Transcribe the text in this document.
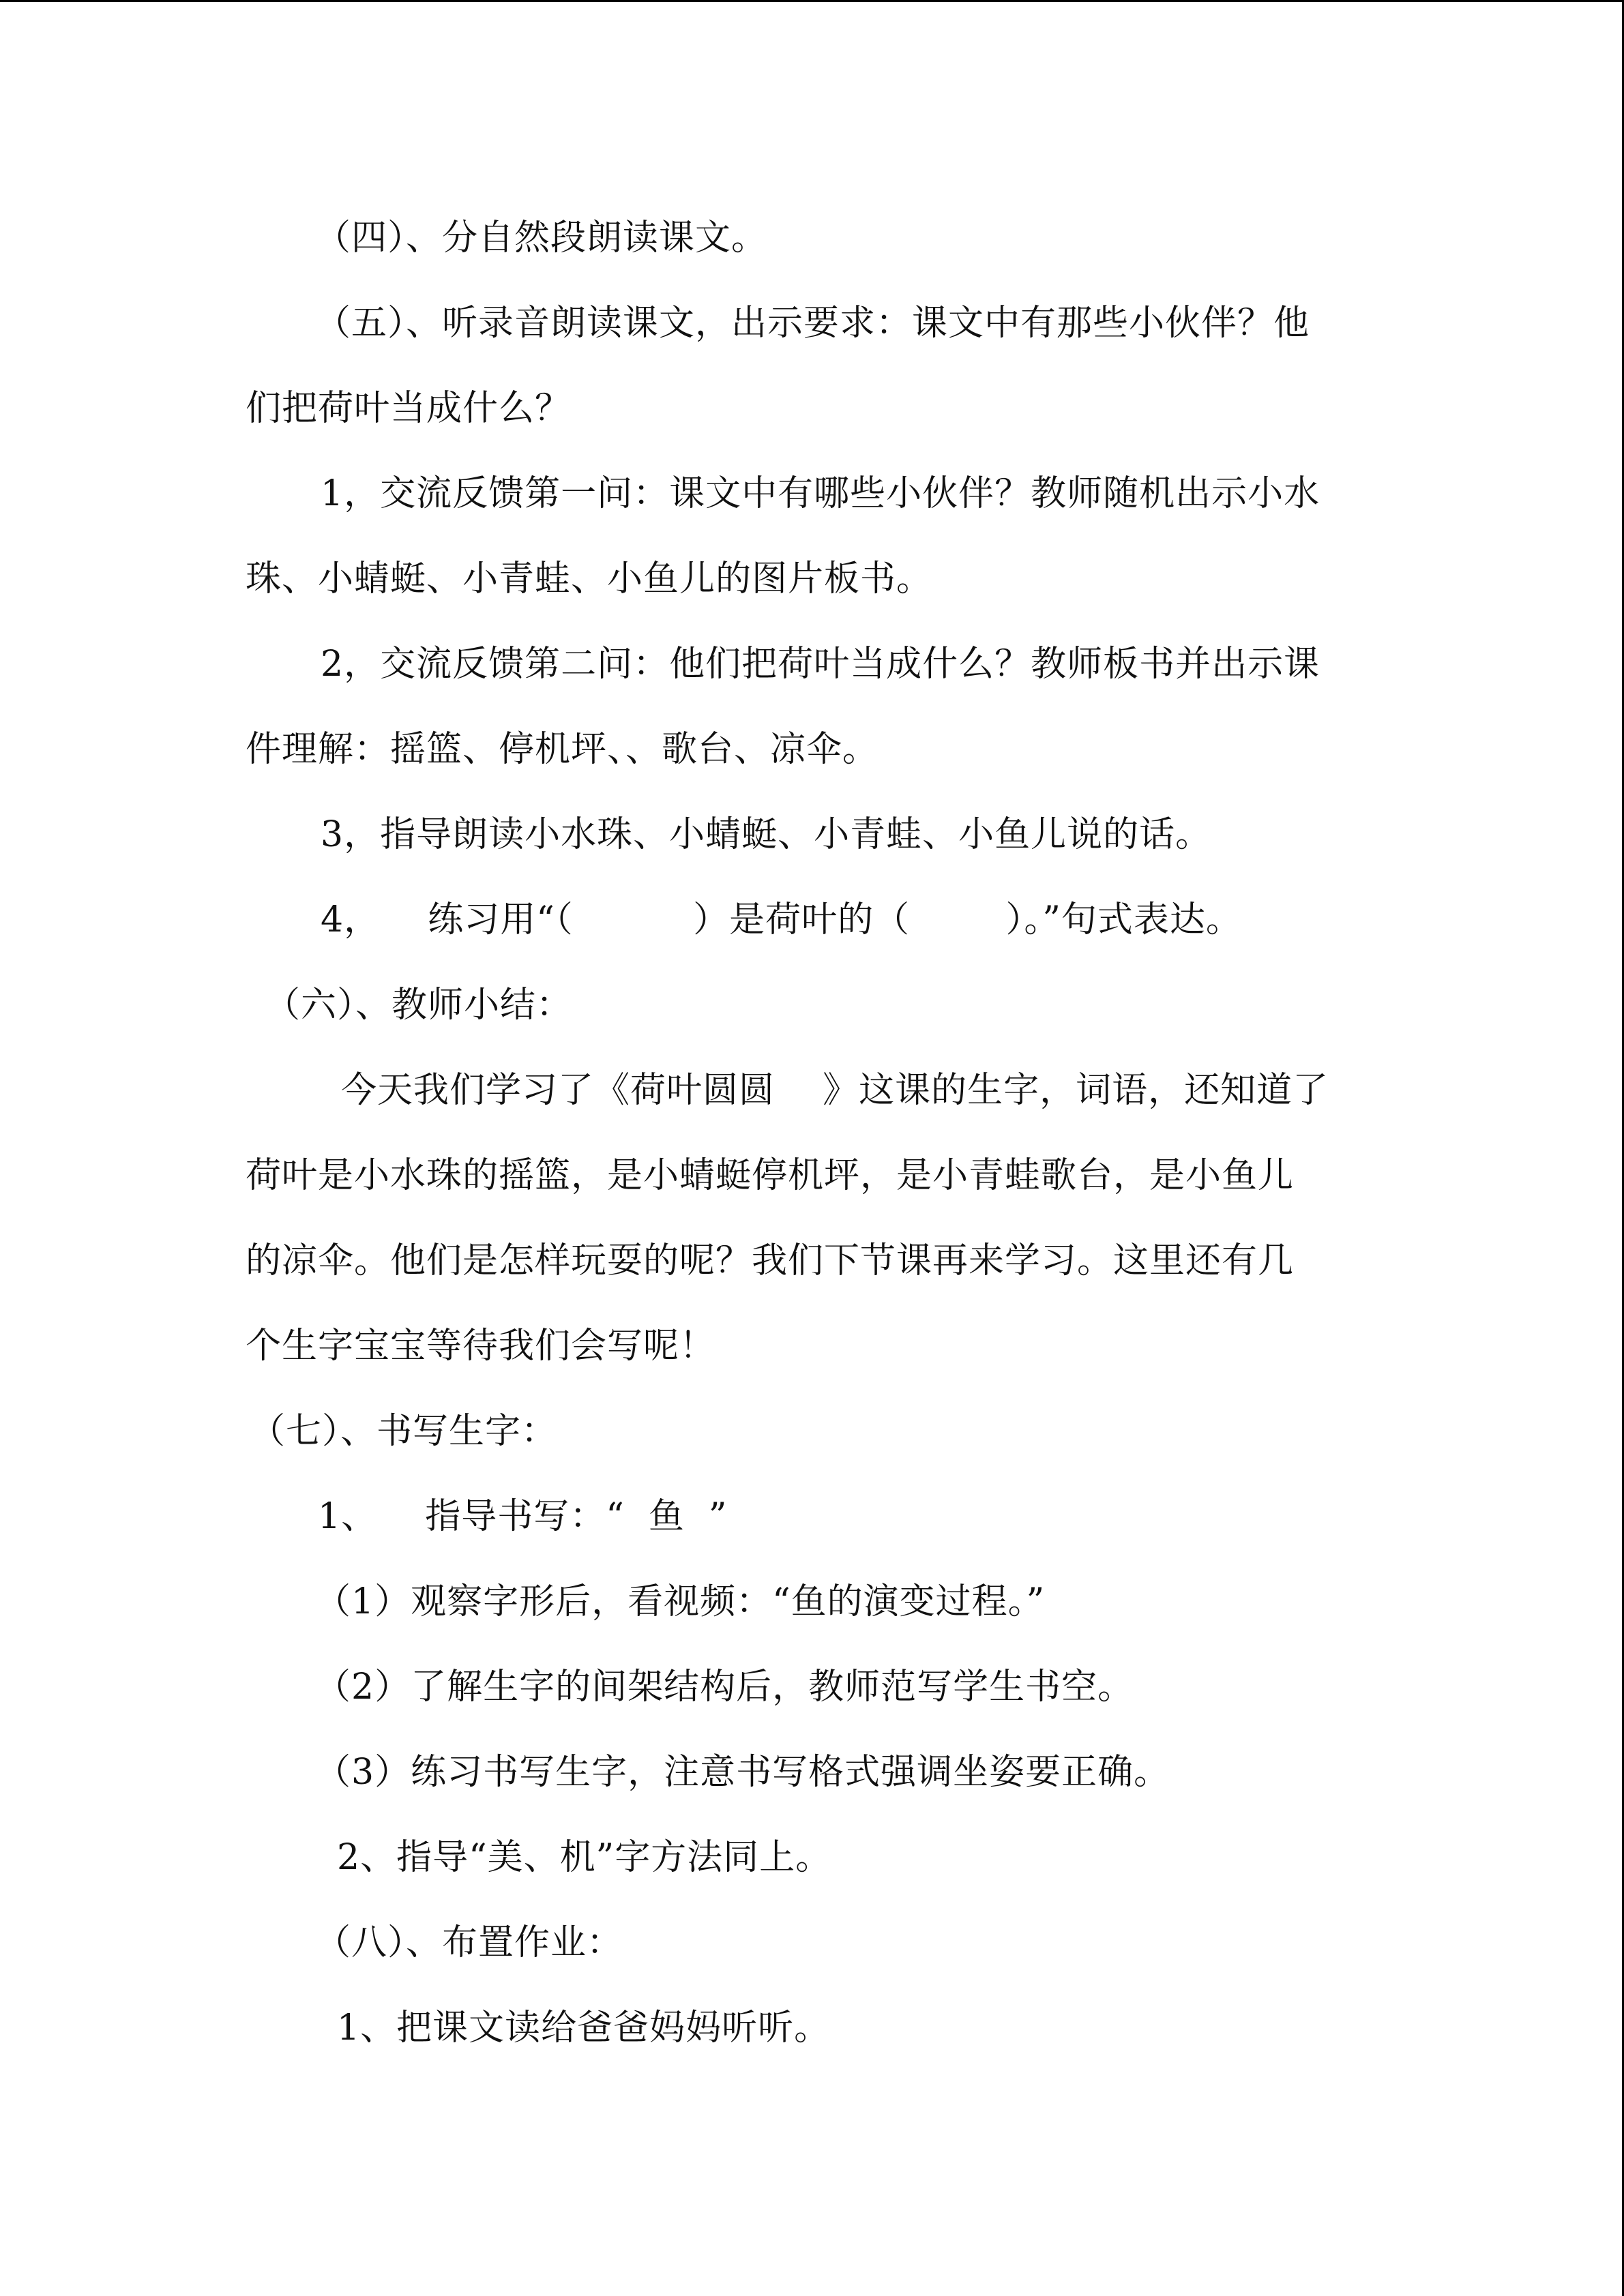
（四）、分自然段朗读课文。
（五）、听录音朗读课文，出示要求：课文中有那些小伙伴？他
们把荷叶当成什么？
1，交流反馈第一问：课文中有哪些小伙伴？教师随机出示小水
珠、小蜻蜓、小青蛙、小鱼儿的图片板书。
2，交流反馈第二问：他们把荷叶当成什么？教师板书并出示课
件理解：摇篮、停机坪、、歌台、凉伞。
3，指导朗读小水珠、小蜻蜓、小青蛙、小鱼儿说的话。
4，    练习用“（          ）是荷叶的（        ）。”句式表达。
（六）、教师小结：
今天我们学习了《荷叶圆圆    》这课的生字，词语，还知道了
荷叶是小水珠的摇篮，是小蜻蜓停机坪，是小青蛙歌台，是小鱼儿
的凉伞。他们是怎样玩耍的呢？我们下节课再来学习。这里还有几
个生字宝宝等待我们会写呢！
（七）、书写生字：
1、    指导书写：“  鱼  ”
（1）观察字形后，看视频：“鱼的演变过程。”
（2）了解生字的间架结构后，教师范写学生书空。
（3）练习书写生字，注意书写格式强调坐姿要正确。
2、指导“美、机”字方法同上。
（八）、布置作业：
1、把课文读给爸爸妈妈听听。
